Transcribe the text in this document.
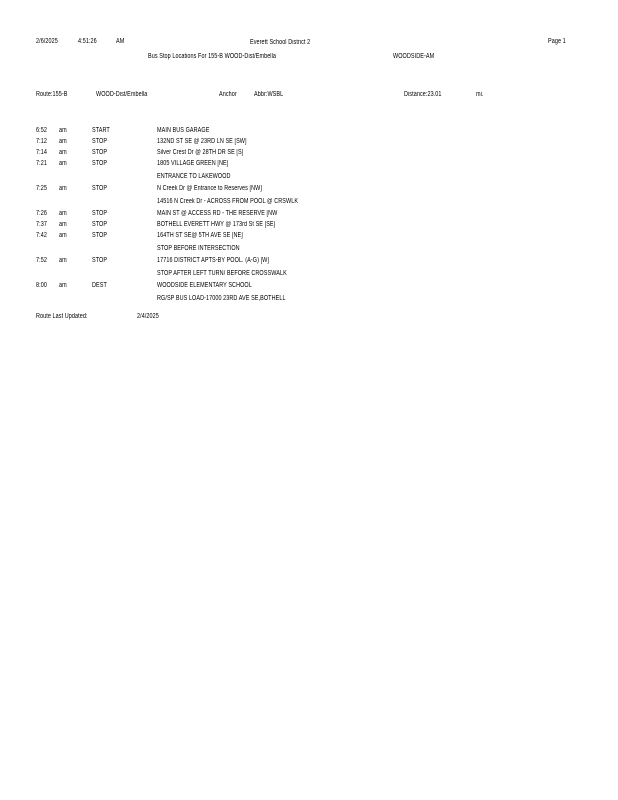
2/6/2025	4:51:26	AM	Everett School District 2	Page 1
Bus Stop Locations For 155-B WOOD-Dist/Embella	WOODSIDE-AM
Route:155-B	WOOD-Dist/Embella	Anchor Abbr:WSBL	Distance:23.01	mi.
6:52 am	START	MAIN BUS GARAGE
7:12 am	STOP	132ND ST SE @ 23RD LN SE [SW]
7:14 am	STOP	Silver Crest Dr @ 28TH DR SE [S]
7:21 am	STOP	1805 VILLAGE GREEN [NE]
ENTRANCE TO LAKEWOOD
7:25 am	STOP	N Creek Dr @ Entrance to Reserves [NW]
14516 N Creek Dr - ACROSS FROM POOL @ CRSWLK
7:26 am	STOP	MAIN ST @ ACCESS RD - THE RESERVE [NW
7:37 am	STOP	BOTHELL EVERETT HWY @ 173rd St SE [SE]
7:42 am	STOP	164TH ST SE@ 5TH AVE SE [NE]
STOP BEFORE INTERSECTION
7:52 am	STOP	17716 DISTRICT APTS-BY POOL. (A-G) [W]
STOP AFTER LEFT TURN/ BEFORE CROSSWALK
8:00 am	DEST	WOODSIDE ELEMENTARY SCHOOL
RG/SP BUS LOAD-17000 23RD AVE SE,BOTHELL
Route Last Updated:	2/4/2025
